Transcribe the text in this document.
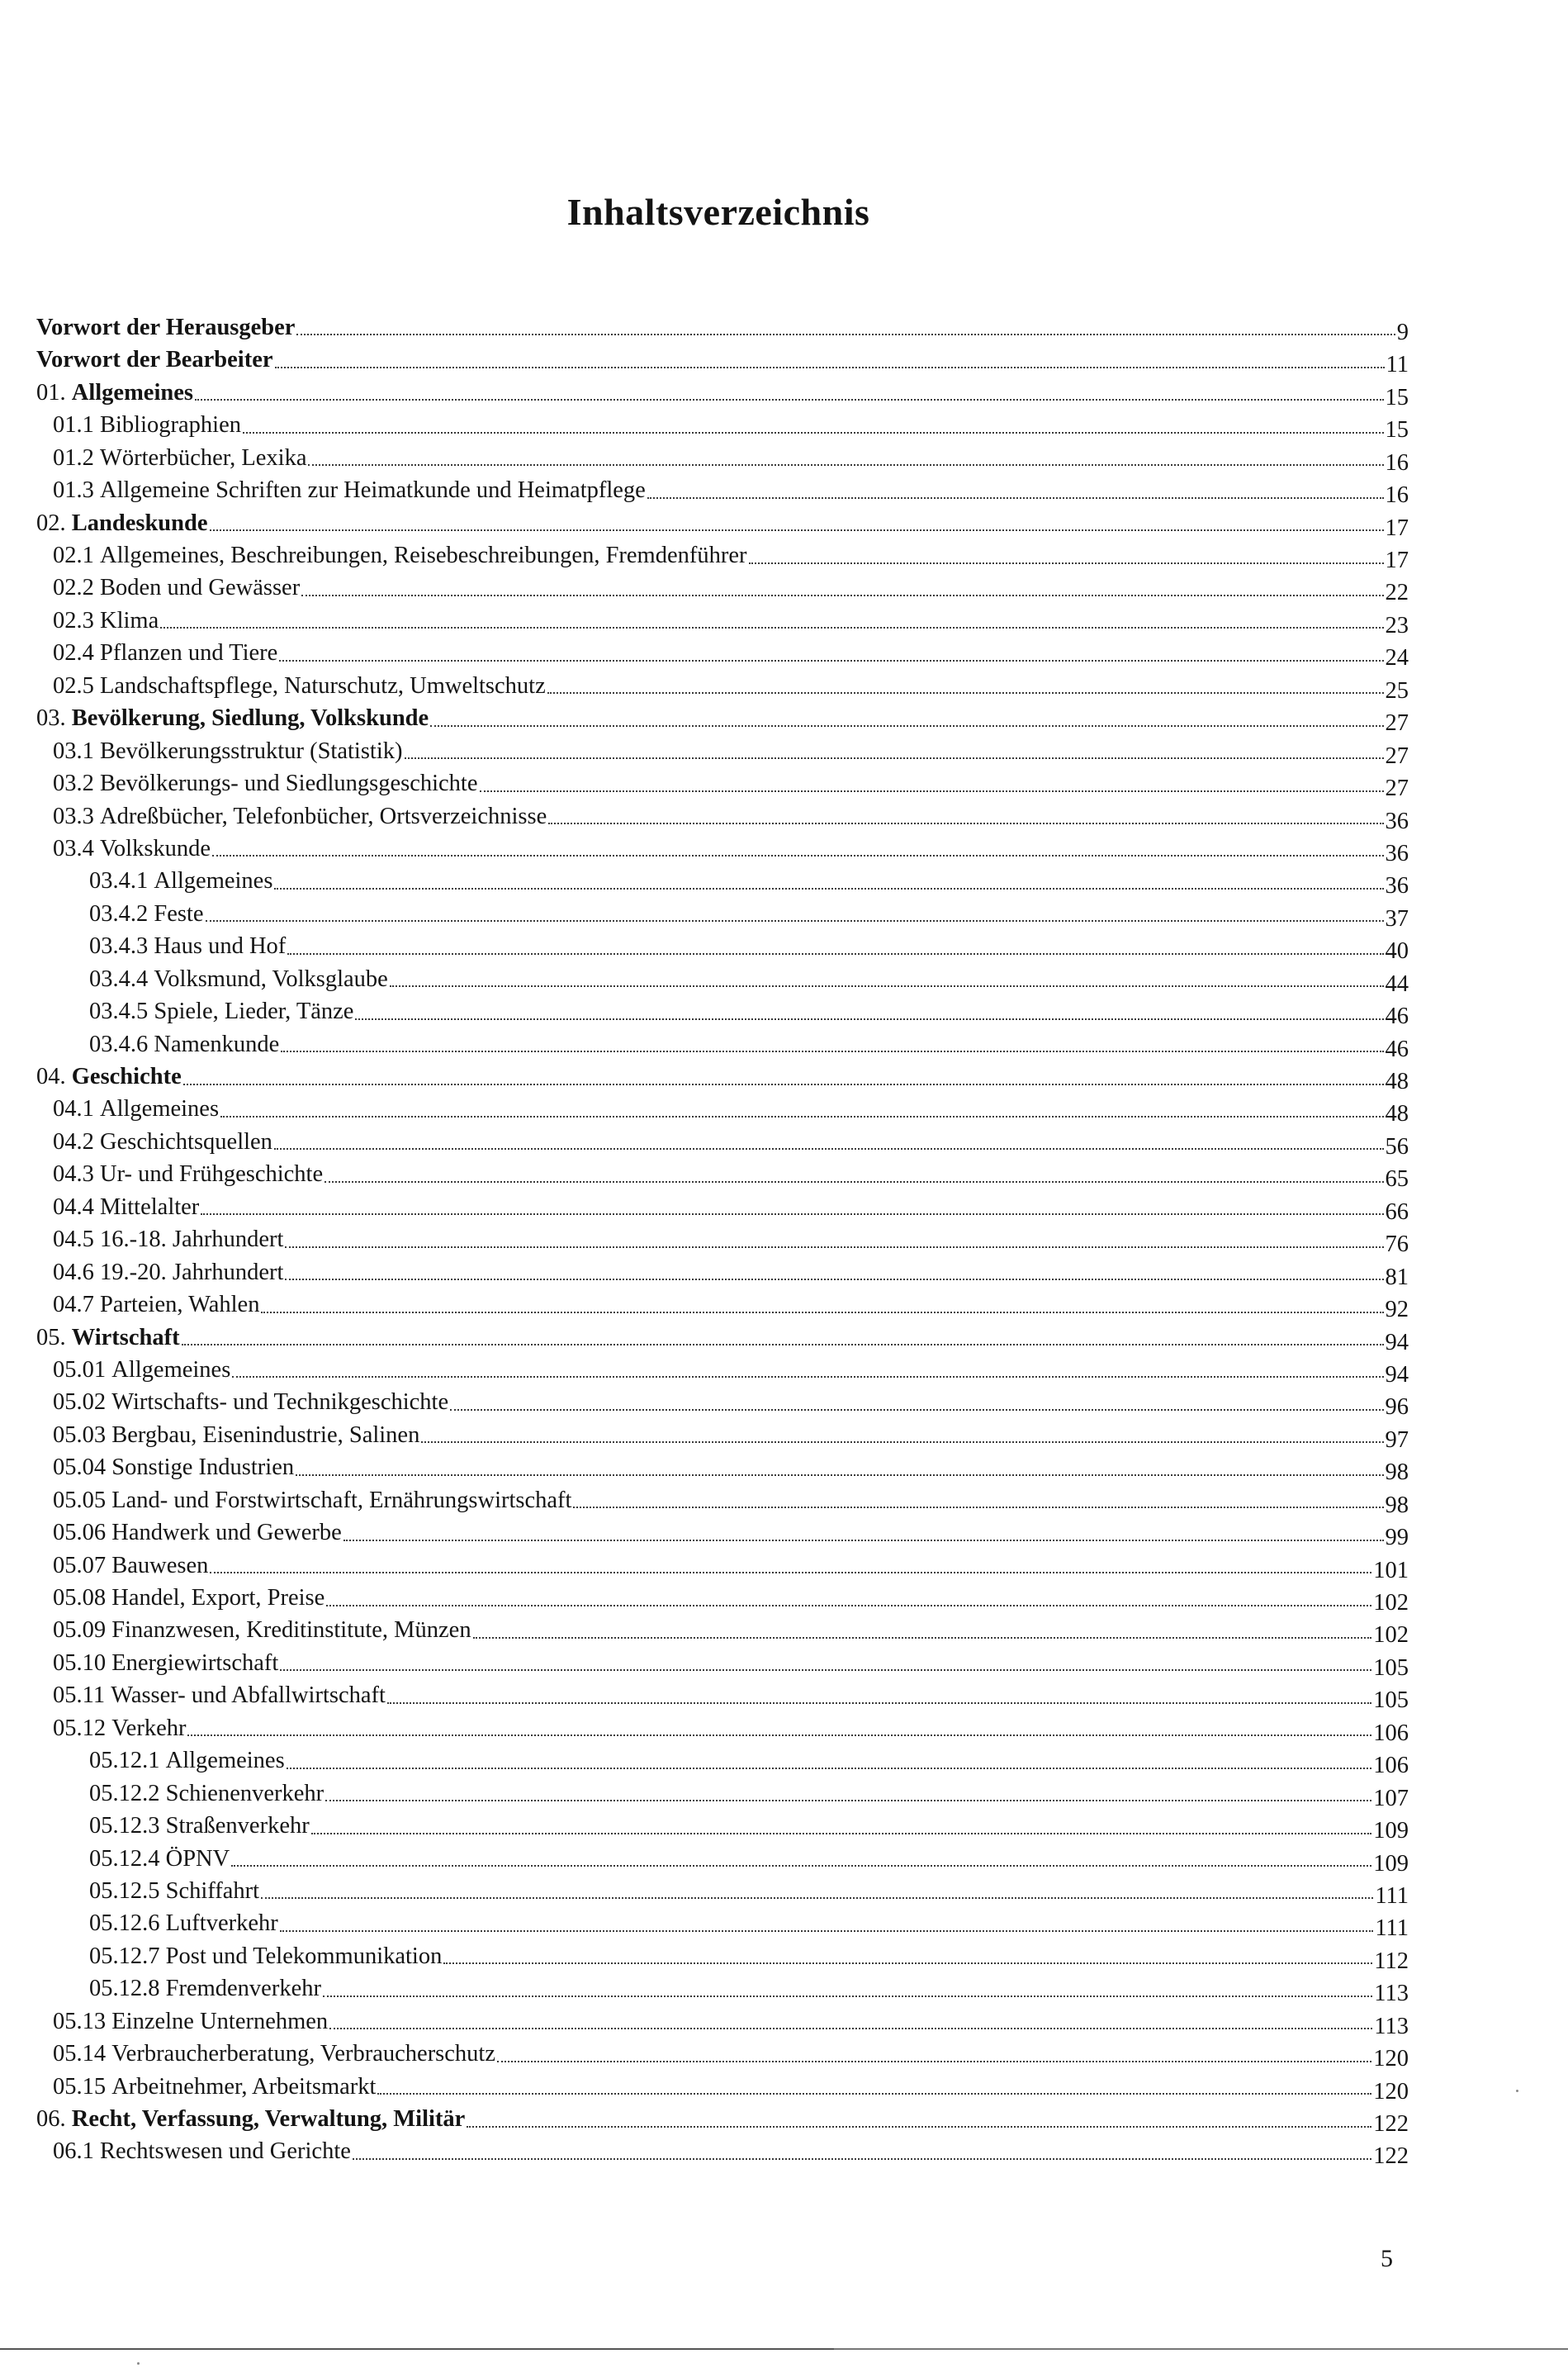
Inhaltsverzeichnis
Vorwort der Herausgeber	9
Vorwort der Bearbeiter	11
01. Allgemeines	15
01.1 Bibliographien	15
01.2 Wörterbücher, Lexika	16
01.3 Allgemeine Schriften zur Heimatkunde und Heimatpflege	16
02. Landeskunde	17
02.1 Allgemeines, Beschreibungen, Reisebeschreibungen, Fremdenführer	17
02.2 Boden und Gewässer	22
02.3 Klima	23
02.4 Pflanzen und Tiere	24
02.5 Landschaftspflege, Naturschutz, Umweltschutz	25
03. Bevölkerung, Siedlung, Volkskunde	27
03.1 Bevölkerungsstruktur (Statistik)	27
03.2 Bevölkerungs- und Siedlungsgeschichte	27
03.3 Adreßbücher, Telefonbücher, Ortsverzeichnisse	36
03.4 Volkskunde	36
03.4.1 Allgemeines	36
03.4.2 Feste	37
03.4.3 Haus und Hof	40
03.4.4 Volksmund, Volksglaube	44
03.4.5 Spiele, Lieder, Tänze	46
03.4.6 Namenkunde	46
04. Geschichte	48
04.1 Allgemeines	48
04.2 Geschichtsquellen	56
04.3 Ur- und Frühgeschichte	65
04.4 Mittelalter	66
04.5 16.-18. Jahrhundert	76
04.6 19.-20. Jahrhundert	81
04.7 Parteien, Wahlen	92
05. Wirtschaft	94
05.01 Allgemeines	94
05.02 Wirtschafts- und Technikgeschichte	96
05.03 Bergbau, Eisenindustrie, Salinen	97
05.04 Sonstige Industrien	98
05.05 Land- und Forstwirtschaft, Ernährungswirtschaft	98
05.06 Handwerk und Gewerbe	99
05.07 Bauwesen	101
05.08 Handel, Export, Preise	102
05.09 Finanzwesen, Kreditinstitute, Münzen	102
05.10 Energiewirtschaft	105
05.11 Wasser- und Abfallwirtschaft	105
05.12 Verkehr	106
05.12.1 Allgemeines	106
05.12.2 Schienenverkehr	107
05.12.3 Straßenverkehr	109
05.12.4 ÖPNV	109
05.12.5 Schiffahrt	111
05.12.6 Luftverkehr	111
05.12.7 Post und Telekommunikation	112
05.12.8 Fremdenverkehr	113
05.13 Einzelne Unternehmen	113
05.14 Verbraucherberatung, Verbraucherschutz	120
05.15 Arbeitnehmer, Arbeitsmarkt	120
06. Recht, Verfassung, Verwaltung, Militär	122
06.1 Rechtswesen und Gerichte	122
5
